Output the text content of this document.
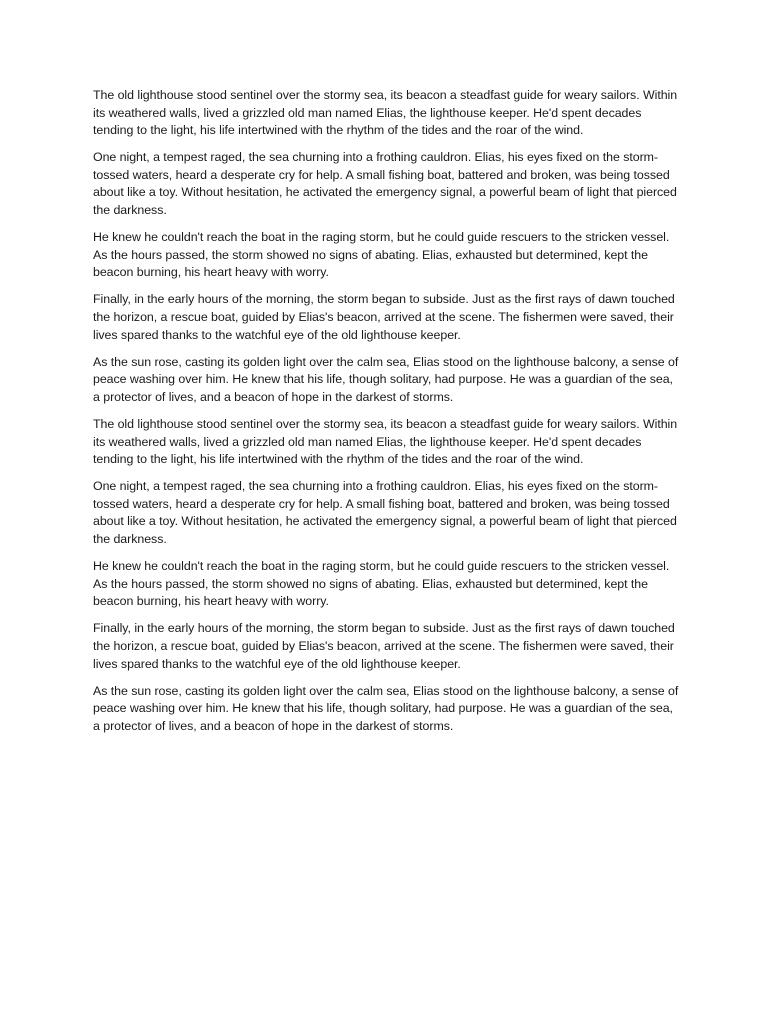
The old lighthouse stood sentinel over the stormy sea, its beacon a steadfast guide for weary sailors. Within its weathered walls, lived a grizzled old man named Elias, the lighthouse keeper. He'd spent decades tending to the light, his life intertwined with the rhythm of the tides and the roar of the wind.

One night, a tempest raged, the sea churning into a frothing cauldron. Elias, his eyes fixed on the storm-tossed waters, heard a desperate cry for help. A small fishing boat, battered and broken, was being tossed about like a toy. Without hesitation, he activated the emergency signal, a powerful beam of light that pierced the darkness.

He knew he couldn't reach the boat in the raging storm, but he could guide rescuers to the stricken vessel. As the hours passed, the storm showed no signs of abating. Elias, exhausted but determined, kept the beacon burning, his heart heavy with worry.

Finally, in the early hours of the morning, the storm began to subside. Just as the first rays of dawn touched the horizon, a rescue boat, guided by Elias's beacon, arrived at the scene. The fishermen were saved, their lives spared thanks to the watchful eye of the old lighthouse keeper.

As the sun rose, casting its golden light over the calm sea, Elias stood on the lighthouse balcony, a sense of peace washing over him. He knew that his life, though solitary, had purpose. He was a guardian of the sea, a protector of lives, and a beacon of hope in the darkest of storms.

The old lighthouse stood sentinel over the stormy sea, its beacon a steadfast guide for weary sailors. Within its weathered walls, lived a grizzled old man named Elias, the lighthouse keeper. He'd spent decades tending to the light, his life intertwined with the rhythm of the tides and the roar of the wind.

One night, a tempest raged, the sea churning into a frothing cauldron. Elias, his eyes fixed on the storm-tossed waters, heard a desperate cry for help. A small fishing boat, battered and broken, was being tossed about like a toy. Without hesitation, he activated the emergency signal, a powerful beam of light that pierced the darkness.

He knew he couldn't reach the boat in the raging storm, but he could guide rescuers to the stricken vessel. As the hours passed, the storm showed no signs of abating. Elias, exhausted but determined, kept the beacon burning, his heart heavy with worry.

Finally, in the early hours of the morning, the storm began to subside. Just as the first rays of dawn touched the horizon, a rescue boat, guided by Elias's beacon, arrived at the scene. The fishermen were saved, their lives spared thanks to the watchful eye of the old lighthouse keeper.

As the sun rose, casting its golden light over the calm sea, Elias stood on the lighthouse balcony, a sense of peace washing over him. He knew that his life, though solitary, had purpose. He was a guardian of the sea, a protector of lives, and a beacon of hope in the darkest of storms.
